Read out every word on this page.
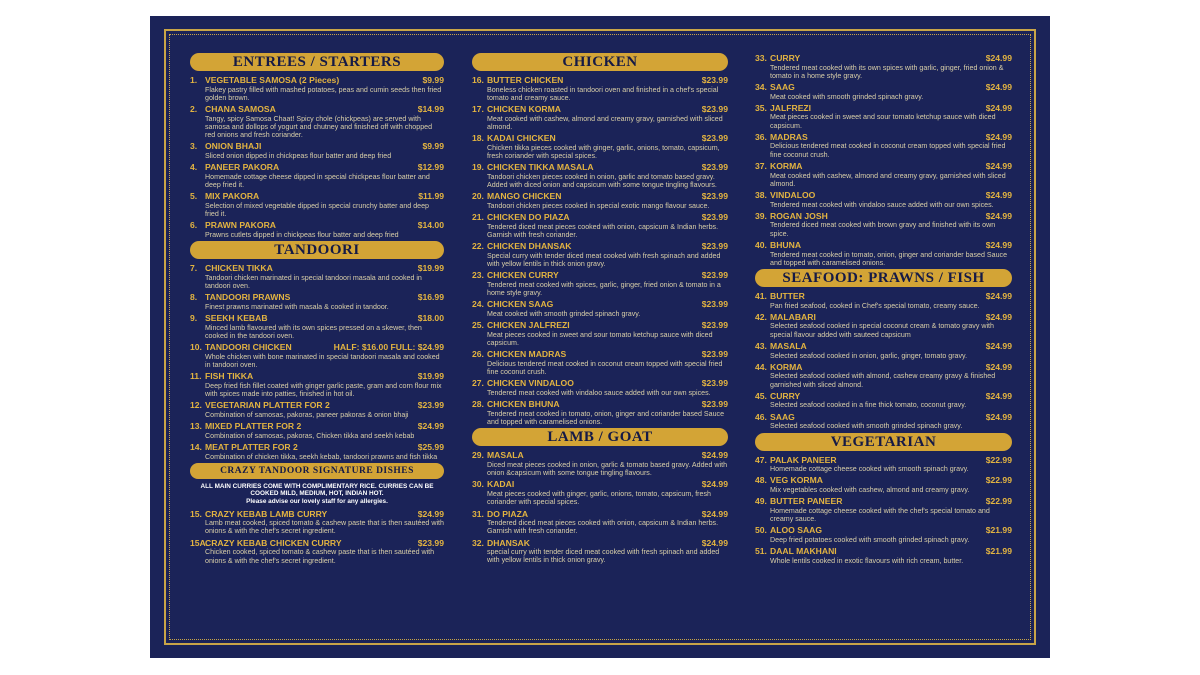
ENTREES / STARTERS
1. VEGETABLE SAMOSA (2 Pieces)	$9.99
Flakey pastry filled with mashed potatoes, peas and cumin seeds then fried golden brown.
2. CHANA SAMOSA	$14.99
Tangy, spicy Samosa Chaat! Spicy chole (chickpeas) are served with samosa and dollops of yogurt and chutney and finished off with chopped red onions and fresh coriander.
3. ONION BHAJI	$9.99
Sliced onion dipped in chickpeas flour batter and deep fried
4. PANEER PAKORA	$12.99
Homemade cottage cheese dipped in special chickpeas flour batter and deep fried it.
5. MIX PAKORA	$11.99
Selection of mixed vegetable dipped in special crunchy batter and deep fried it.
6. PRAWN PAKORA	$14.00
Prawns cutlets dipped in chickpeas flour batter and deep fried
TANDOORI
7. CHICKEN TIKKA	$19.99
Tandoori chicken marinated in special tandoori masala and cooked in tandoori oven.
8. TANDOORI PRAWNS	$16.99
Finest prawns marinated with masala & cooked in tandoor.
9. SEEKH KEBAB	$18.00
Minced lamb flavoured with its own spices pressed on a skewer, then cooked in the tandoori oven.
10. TANDOORI CHICKEN	HALF: $16.00 FULL: $24.99
Whole chicken with bone marinated in special tandoori masala and cooked in tandoori oven.
11. FISH TIKKA	$19.99
Deep fried fish fillet coated with ginger garlic paste, gram and corn flour mix with spices made into patties, finished in hot oil.
12. VEGETARIAN PLATTER FOR 2	$23.99
Combination of samosas, pakoras, paneer pakoras & onion bhaji
13. MIXED PLATTER FOR 2	$24.99
Combination of samosas, pakoras, Chicken tikka and seekh kebab
14. MEAT PLATTER FOR 2	$25.99
Combination of chicken tikka, seekh kebab, tandoori prawns and fish tikka
CRAZY TANDOOR SIGNATURE DISHES
ALL MAIN CURRIES COME WITH COMPLIMENTARY RICE. CURRIES CAN BE COOKED MILD, MEDIUM, HOT, INDIAN HOT.
Please advise our lovely staff for any allergies.
15. CRAZY KEBAB LAMB CURRY	$24.99
Lamb meat cooked, spiced tomato & cashew paste that is then sautéed with onions & with the chef's secret ingredient.
15A.
CRAZY KEBAB CHICKEN CURRY	$23.99
Chicken cooked, spiced tomato & cashew paste that is then sautéed with onions & with the chef's secret ingredient.
CHICKEN
16. BUTTER CHICKEN	$23.99
Boneless chicken roasted in tandoori oven and finished in a chef's special tomato and creamy sauce.
17. CHICKEN KORMA	$23.99
Meat cooked with cashew, almond and creamy gravy, garnished with sliced almond.
18. KADAI CHICKEN	$23.99
Chicken tikka pieces cooked with ginger, garlic, onions, tomato, capsicum, fresh coriander with special spices.
19. CHICKEN TIKKA MASALA	$23.99
Tandoori chicken pieces cooked in onion, garlic and tomato based gravy. Added with diced onion and capsicum with some tongue tingling flavours.
20. MANGO CHICKEN	$23.99
Tandoori chicken pieces cooked in special exotic mango flavour sauce.
21. CHICKEN DO PIAZA	$23.99
Tendered diced meat pieces cooked with onion, capsicum & Indian herbs. Garnish with fresh coriander.
22. CHICKEN DHANSAK	$23.99
Special curry with tender diced meat cooked with fresh spinach and added with yellow lentils in thick onion gravy.
23. CHICKEN CURRY	$23.99
Tendered meat cooked with spices, garlic, ginger, fried onion & tomato in a home style gravy.
24. CHICKEN SAAG	$23.99
Meat cooked with smooth grinded spinach gravy.
25. CHICKEN JALFREZI	$23.99
Meat pieces cooked in sweet and sour tomato ketchup sauce with diced capsicum.
26. CHICKEN MADRAS	$23.99
Delicious tendered meat cooked in coconut cream topped with special fried fine coconut crush.
27. CHICKEN VINDALOO	$23.99
Tendered meat cooked with vindaloo sauce added with our own spices.
28. CHICKEN BHUNA	$23.99
Tendered meat cooked in tomato, onion, ginger and coriander based Sauce and topped with caramelised onions.
LAMB / GOAT
29. MASALA	$24.99
Diced meat pieces cooked in onion, garlic & tomato based gravy. Added with onion &capsicum with some tongue tingling flavours.
30. KADAI	$24.99
Meat pieces cooked with ginger, garlic, onions, tomato, capsicum, fresh coriander with special spices.
31. DO PIAZA	$24.99
Tendered diced meat pieces cooked with onion, capsicum & Indian herbs. Garnish with fresh coriander.
32. DHANSAK	$24.99
special curry with tender diced meat cooked with fresh spinach and added with yellow lentils in thick onion gravy.
33. CURRY	$24.99
Tendered meat cooked with its own spices with garlic, ginger, fried onion & tomato in a home style gravy.
34. SAAG	$24.99
Meat cooked with smooth grinded spinach gravy.
35. JALFREZI	$24.99
Meat pieces cooked in sweet and sour tomato ketchup sauce with diced capsicum.
36. MADRAS	$24.99
Delicious tendered meat cooked in coconut cream topped with special fried fine coconut crush.
37. KORMA	$24.99
Meat cooked with cashew, almond and creamy gravy, garnished with sliced almond.
38. VINDALOO	$24.99
Tendered meat cooked with vindaloo sauce added with our own spices.
39. ROGAN JOSH	$24.99
Tendered diced meat cooked with brown gravy and finished with its own spice.
40. BHUNA	$24.99
Tendered meat cooked in tomato, onion, ginger and coriander based Sauce and topped with caramelised onions.
SEAFOOD: PRAWNS / FISH
41. BUTTER	$24.99
Pan fried seafood, cooked in Chef's special tomato, creamy sauce.
42. MALABARI	$24.99
Selected seafood cooked in special coconut cream & tomato gravy with special flavour added with sauteed capsicum
43. MASALA	$24.99
Selected seafood cooked in onion, garlic, ginger, tomato gravy.
44. KORMA	$24.99
Selected seafood cooked with almond, cashew creamy gravy & finished garnished with sliced almond.
45. CURRY	$24.99
Selected seafood cooked in a fine thick tomato, coconut gravy.
46. SAAG	$24.99
Selected seafood cooked with smooth grinded spinach gravy.
VEGETARIAN
47. PALAK PANEER	$22.99
Homemade cottage cheese cooked with smooth spinach gravy.
48. VEG KORMA	$22.99
Mix vegetables cooked with cashew, almond and creamy gravy.
49. BUTTER PANEER	$22.99
Homemade cottage cheese cooked with the chef's special tomato and creamy sauce.
50. ALOO SAAG	$21.99
Deep fried potatoes cooked with smooth grinded spinach gravy.
51. DAAL MAKHANI	$21.99
Whole lentils cooked in exotic flavours with rich cream, butter.
